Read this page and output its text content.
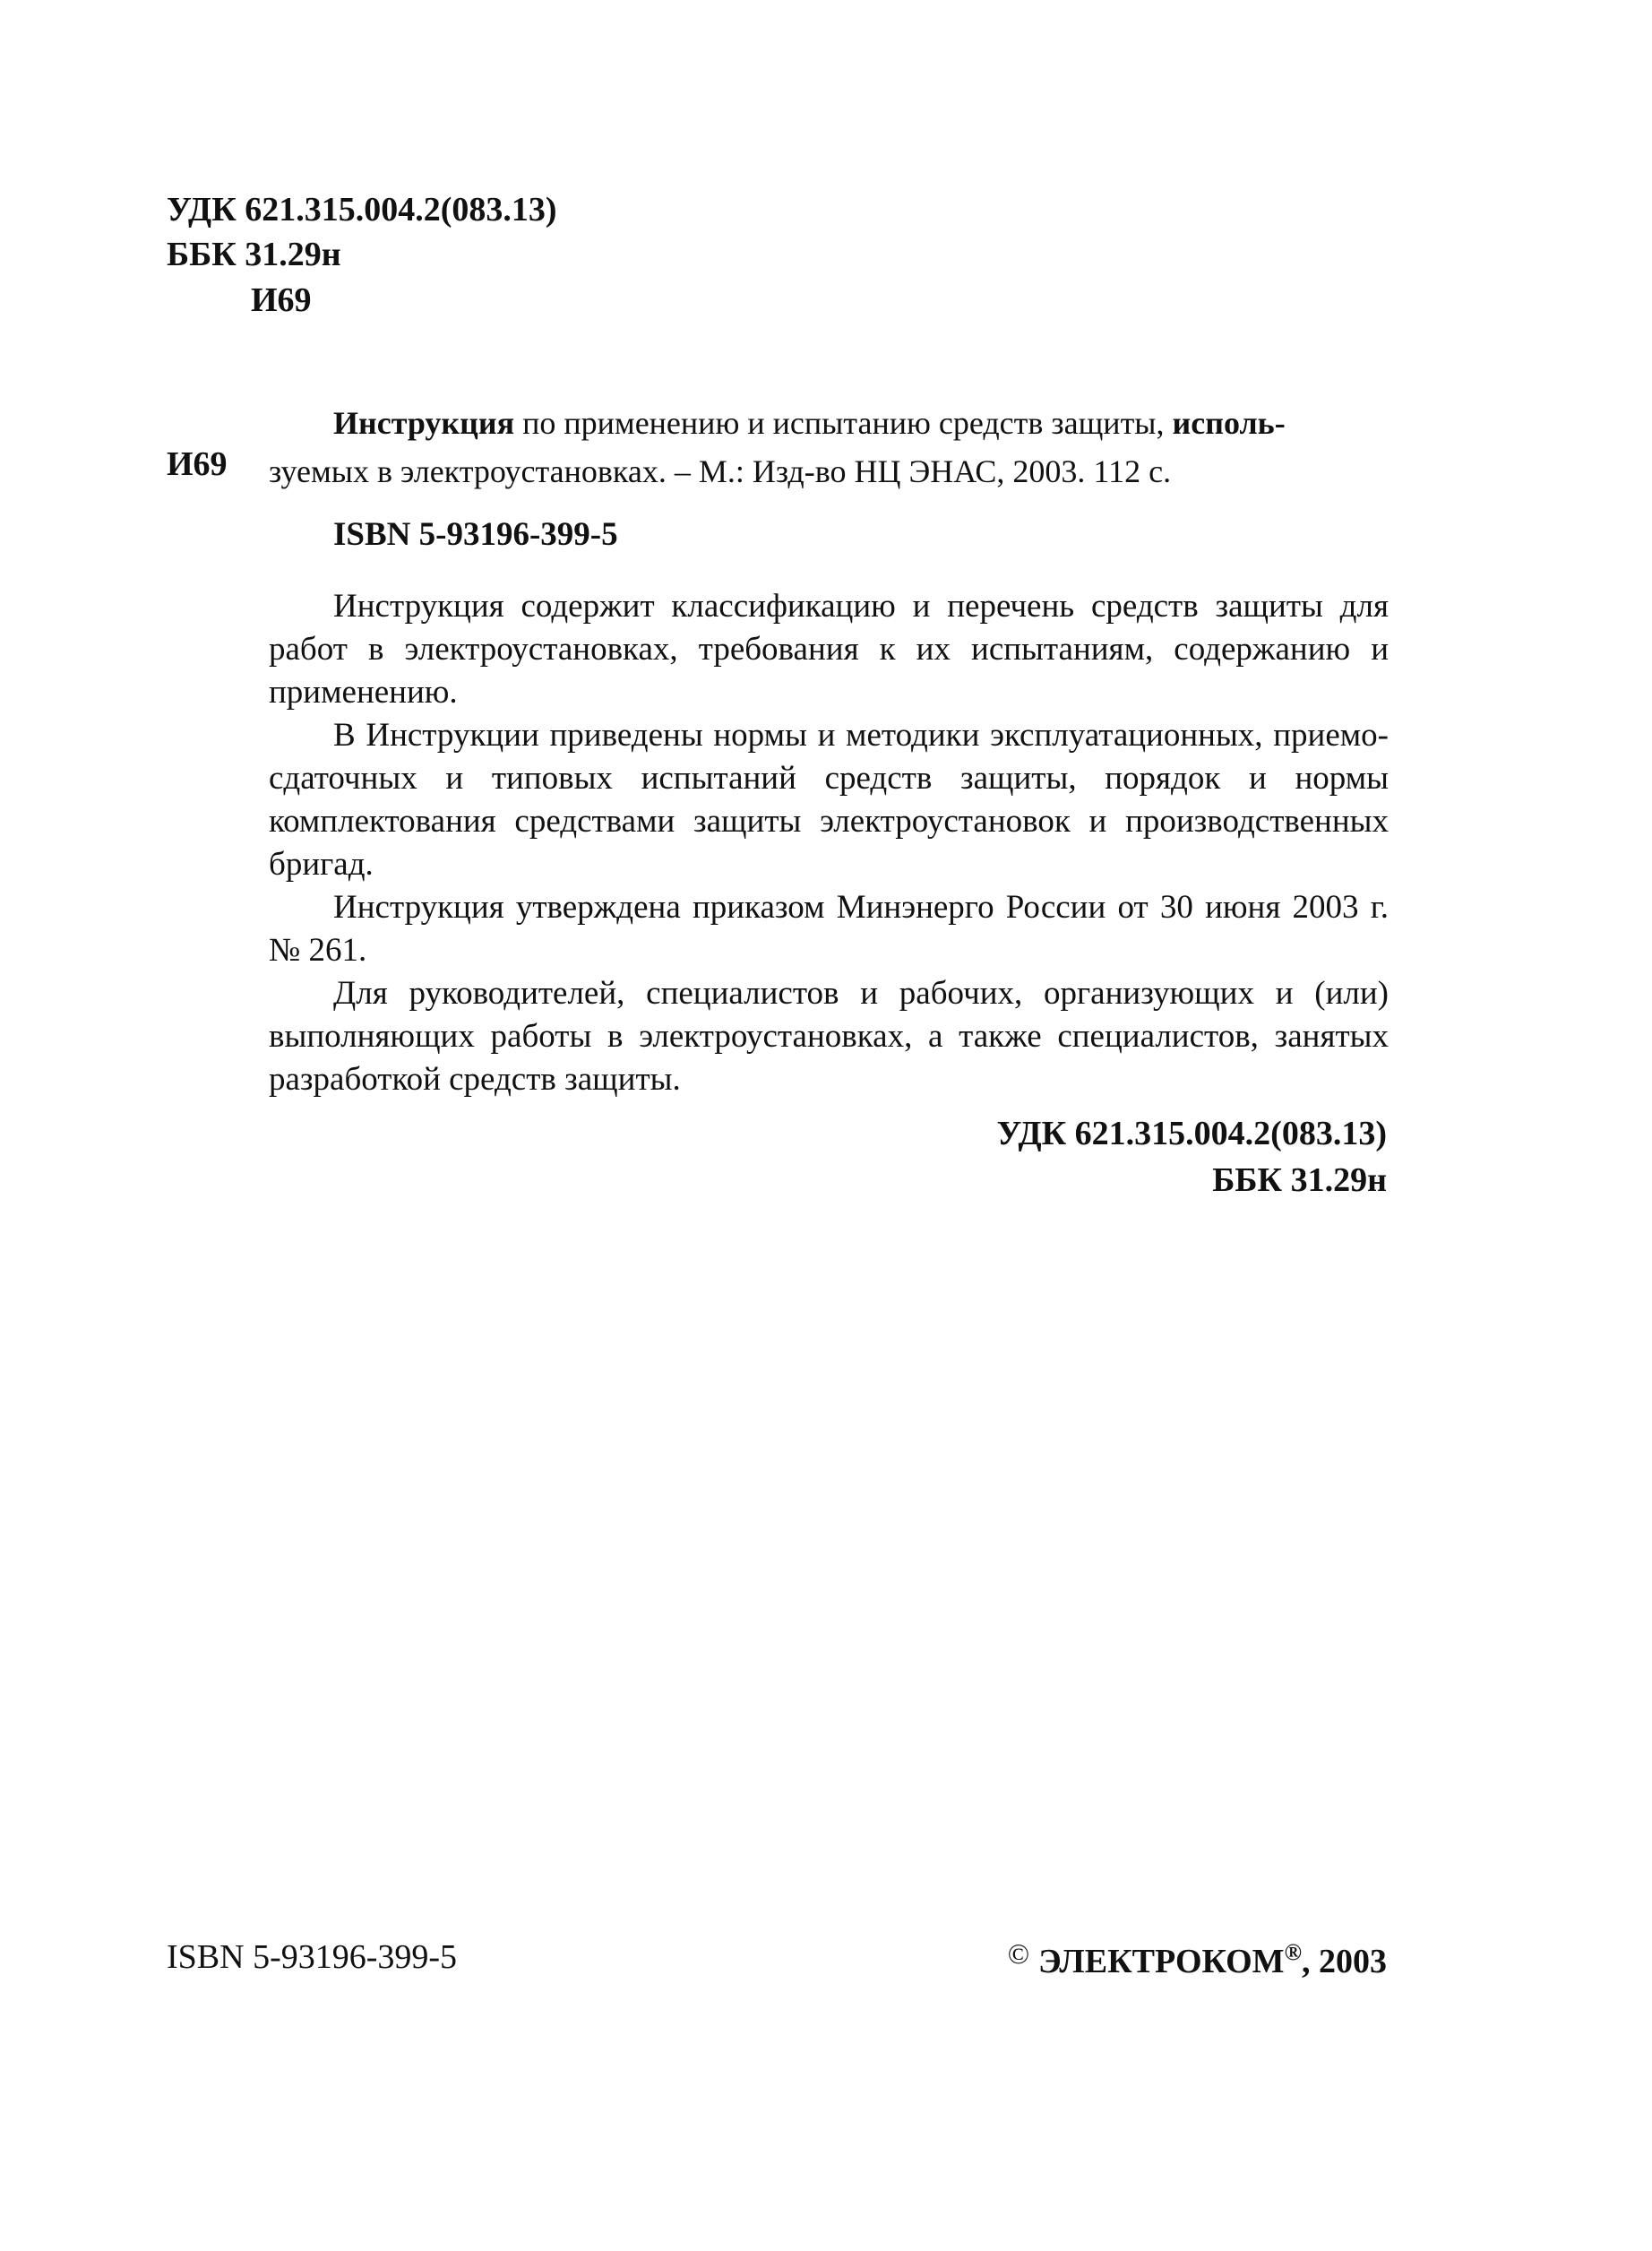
УДК 621.315.004.2(083.13)
ББК 31.29н
И69
И69
Инструкция по применению и испытанию средств защиты, исполь-
зуемых в электроустановках. – М.: Изд-во НЦ ЭНАС, 2003. 112 с.
ISBN 5-93196-399-5

Инструкция содержит классификацию и перечень средств защиты для работ в электроустановках, требования к их испытаниям, содержанию и применению.

В Инструкции приведены нормы и методики эксплуатационных, приемо-сдаточных и типовых испытаний средств защиты, порядок и нормы комплектования средствами защиты электроустановок и производственных бригад.

Инструкция утверждена приказом Минэнерго России от 30 июня 2003 г. № 261.

Для руководителей, специалистов и рабочих, организующих и (или) выполняющих работы в электроустановках, а также специалистов, занятых разработкой средств защиты.

УДК 621.315.004.2(083.13)
ББК 31.29н
ISBN 5-93196-399-5	© ЭЛЕКТРОКОМ®, 2003
